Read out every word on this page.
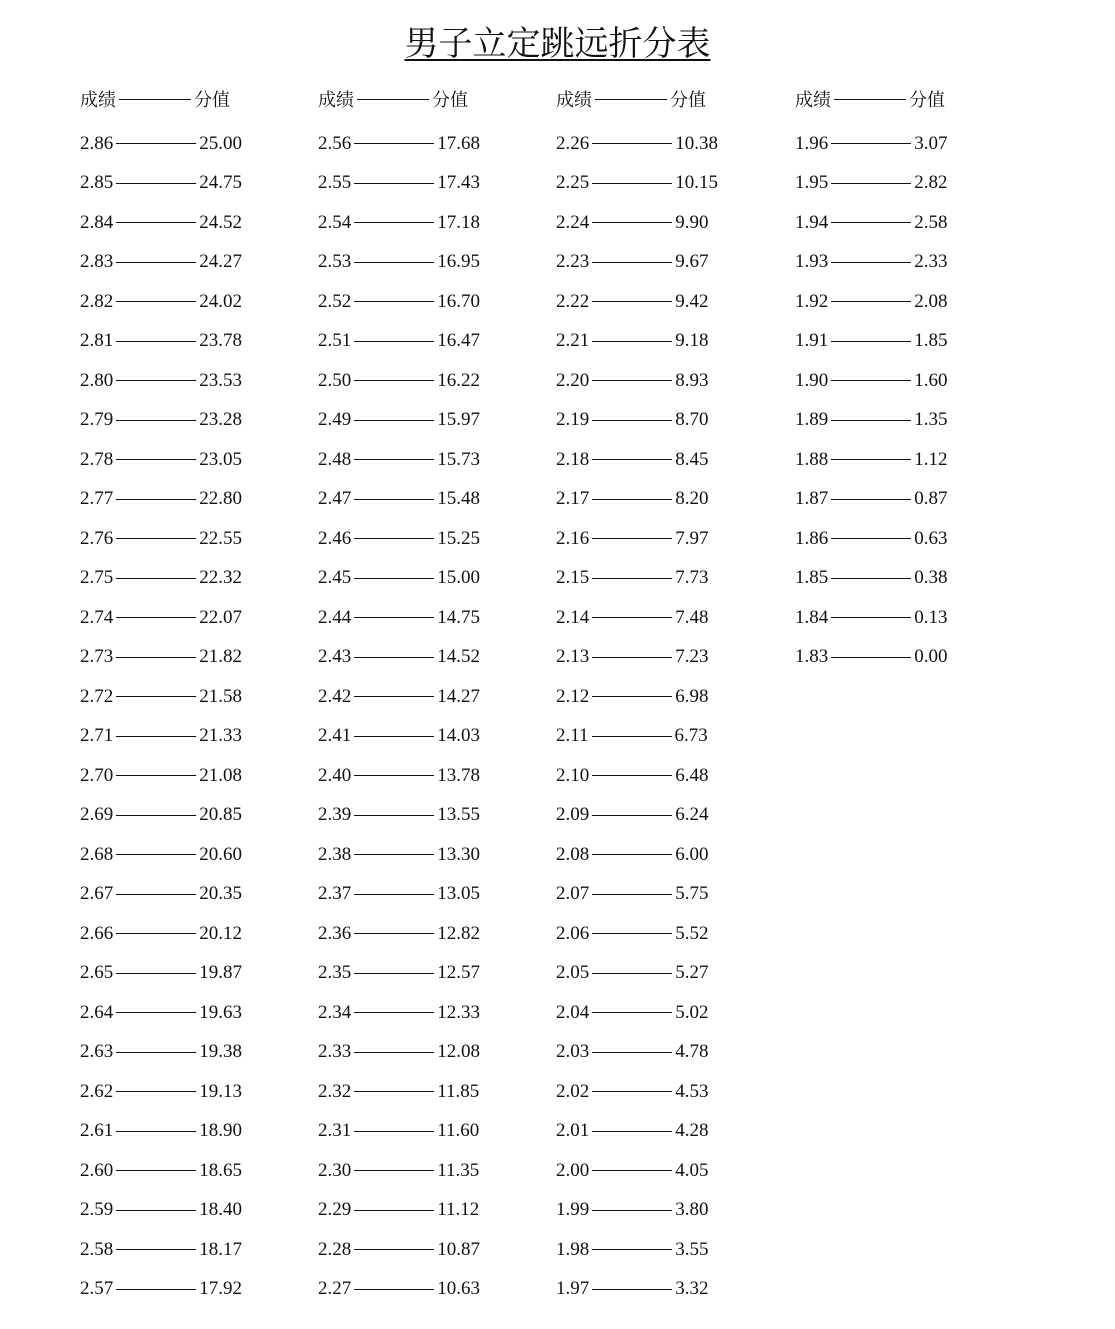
男子立定跳远折分表
成绩	分值
2.86	25.00
2.85	24.75
2.84	24.52
2.83	24.27
2.82	24.02
2.81	23.78
2.80	23.53
2.79	23.28
2.78	23.05
2.77	22.80
2.76	22.55
2.75	22.32
2.74	22.07
2.73	21.82
2.72	21.58
2.71	21.33
2.70	21.08
2.69	20.85
2.68	20.60
2.67	20.35
2.66	20.12
2.65	19.87
2.64	19.63
2.63	19.38
2.62	19.13
2.61	18.90
2.60	18.65
2.59	18.40
2.58	18.17
2.57	17.92
成绩	分值
2.56	17.68
2.55	17.43
2.54	17.18
2.53	16.95
2.52	16.70
2.51	16.47
2.50	16.22
2.49	15.97
2.48	15.73
2.47	15.48
2.46	15.25
2.45	15.00
2.44	14.75
2.43	14.52
2.42	14.27
2.41	14.03
2.40	13.78
2.39	13.55
2.38	13.30
2.37	13.05
2.36	12.82
2.35	12.57
2.34	12.33
2.33	12.08
2.32	11.85
2.31	11.60
2.30	11.35
2.29	11.12
2.28	10.87
2.27	10.63
成绩	分值
2.26	10.38
2.25	10.15
2.24	9.90
2.23	9.67
2.22	9.42
2.21	9.18
2.20	8.93
2.19	8.70
2.18	8.45
2.17	8.20
2.16	7.97
2.15	7.73
2.14	7.48
2.13	7.23
2.12	6.98
2.11	6.73
2.10	6.48
2.09	6.24
2.08	6.00
2.07	5.75
2.06	5.52
2.05	5.27
2.04	5.02
2.03	4.78
2.02	4.53
2.01	4.28
2.00	4.05
1.99	3.80
1.98	3.55
1.97	3.32
成绩	分值
1.96	3.07
1.95	2.82
1.94	2.58
1.93	2.33
1.92	2.08
1.91	1.85
1.90	1.60
1.89	1.35
1.88	1.12
1.87	0.87
1.86	0.63
1.85	0.38
1.84	0.13
1.83	0.00
